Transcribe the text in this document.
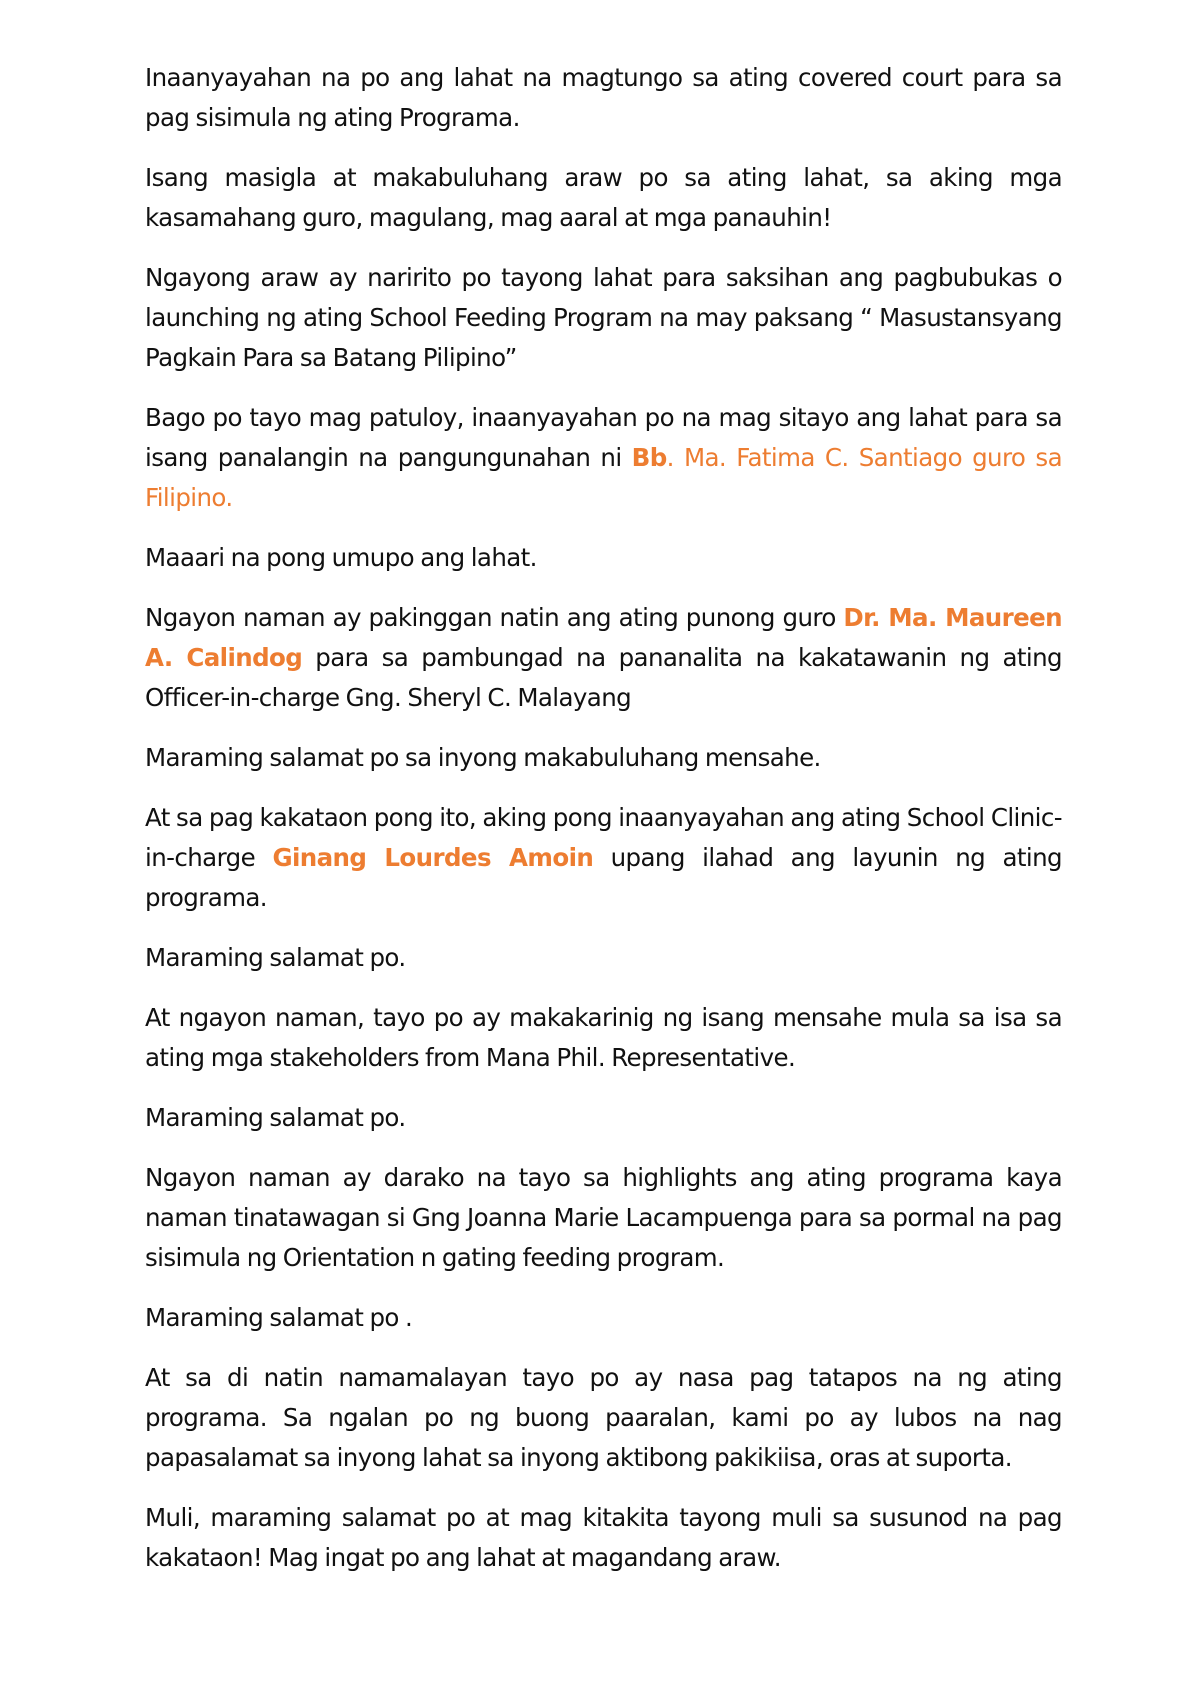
Inaanyayahan na po ang lahat na magtungo sa ating covered court para sa pag sisimula ng ating Programa.

Isang masigla at makabuluhang araw po sa ating lahat, sa aking mga kasamahang guro, magulang, mag aaral at mga panauhin!

Ngayong araw ay naririto po tayong lahat para saksihan ang pagbubukas o launching ng ating School Feeding Program na may paksang “ Masustansyang Pagkain Para sa Batang Pilipino”

Bago po tayo mag patuloy, inaanyayahan po na mag sitayo ang lahat para sa isang panalangin na pangungunahan ni Bb. Ma. Fatima C. Santiago guro sa Filipino.

Maaari na pong umupo ang lahat.

Ngayon naman ay pakinggan natin ang ating punong guro Dr. Ma. Maureen A. Calindog para sa pambungad na pananalita na kakatawanin ng ating Officer-in-charge Gng. Sheryl C. Malayang

Maraming salamat po sa inyong makabuluhang mensahe.

At sa pag kakataon pong ito, aking pong inaanyayahan ang ating School Clinic-in-charge Ginang Lourdes Amoin upang ilahad ang layunin ng ating programa.

Maraming salamat po.

At ngayon naman, tayo po ay makakarinig ng isang mensahe mula sa isa sa ating mga stakeholders from Mana Phil. Representative.

Maraming salamat po.

Ngayon naman ay darako na tayo sa highlights ang ating programa kaya naman tinatawagan si Gng Joanna Marie Lacampuenga para sa pormal na pag sisimula ng Orientation n gating feeding program.

Maraming salamat po .

At sa di natin namamalayan tayo po ay nasa pag tatapos na ng ating programa. Sa ngalan po ng buong paaralan, kami po ay lubos na nag papasalamat sa inyong lahat sa inyong aktibong pakikiisa, oras at suporta.

Muli, maraming salamat po at mag kitakita tayong muli sa susunod na pag kakataon! Mag ingat po ang lahat at magandang araw.
